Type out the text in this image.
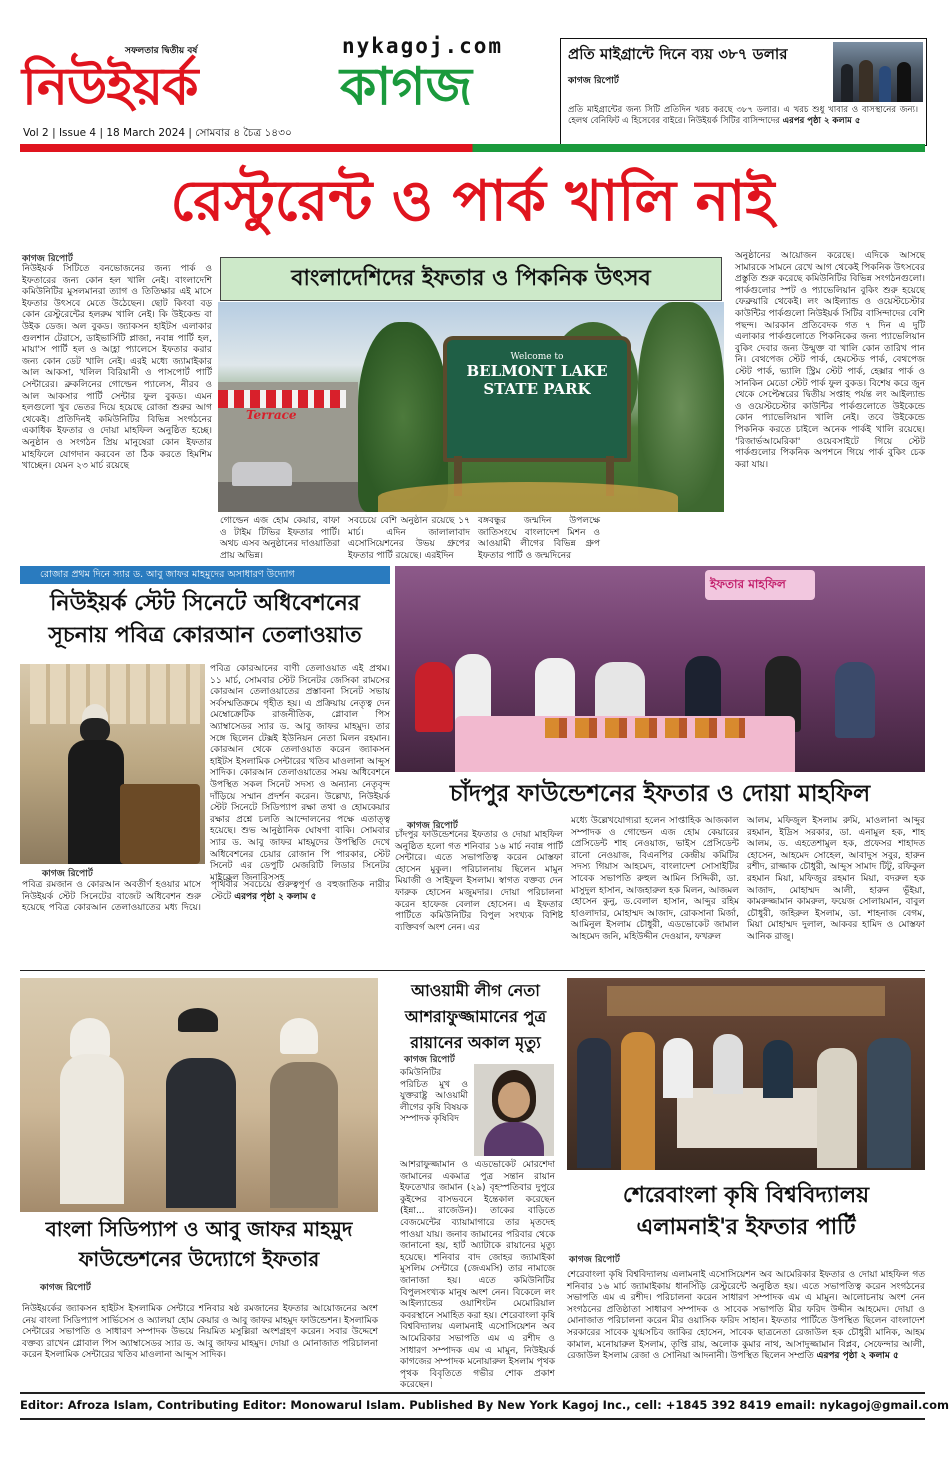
সফলতার দ্বিতীয় বর্ষ	nykagoj.com
নিউইয়র্ক	কাগজ
Vol 2 | Issue 4 | 18 March 2024 | সোমবার ৪ চৈত্র ১৪৩০
প্রতি মাইগ্রান্টে দিনে ব্যয় ৩৮৭ ডলার
কাগজ রিপোর্ট
প্রতি মাইগ্রান্টের জন্য সিটি প্রতিদিন খরচ করছে ৩৮৭ ডলার। এ খরচ শুধু খাবার ও বাসস্থানের জন্য। হেলথ বেনিফিট এ হিসেবের বাইরে। নিউইয়র্ক সিটির বাসিন্দাদের এরপর পৃষ্ঠা ২ কলাম ৫
রেস্টুরেন্ট ও পার্ক খালি নাই
কাগজ রিপোর্ট
নিউইয়র্ক সিটিতে বনভোজনের জন্য পার্ক ও ইফতারের জন্য কোন হল খালি নেই। বাংলাদেশি কমিউনিটির মুসলমানরা ত্যাগ ও তিতিক্ষার এই মাসে ইফতার উৎসবে মেতে উঠেছেন। ছোট কিংবা বড় কোন রেস্টুরেন্টের হলরুম খালি নেই। কি উইকেন্ড বা উইক ডেজ। অল বুকড। জ্যাকসন হাইটস এলাকার গুলশান টেরাসে, ডাইভার্সিটি প্লাজা, নবান্ন পার্টি হল, মায়া'স পার্টি হল ও আহ্লা প্যালেসে ইফতার করার জন্য কোন ডেট খালি নেই। এরই মধ্যে জ্যামাইকার আল আকসা, খলিল বিরিয়ানী ও পাসপোর্ট পার্টি সেন্টারের। ব্রুকলিনের গোল্ডেন প্যালেস, নীরব ও আল আকসার পার্টি সেন্টার ফুল বুকড। এমন হলগুলো খুব ভেতর দিয়ে হয়েছে রোজা শুরুর আগ থেকেই। প্রতিদিনই কমিউনিটির বিভিন্ন সংগঠনের একাধিক ইফতার ও দোয়া মাহফিল অনুষ্ঠিত হচ্ছে। অনুষ্ঠান ও সংগঠন প্রিয় মানুষেরা কোন ইফতার মাহফিলে যোগদান করবেন তা ঠিক করতে হিমশিম খাচ্ছেন। যেমন ২৩ মার্চ রয়েছে
বাংলাদেশিদের ইফতার ও পিকনিক উৎসব
Terrace
Welcome to
BELMONT LAKE
STATE PARK
গোল্ডেন এজ হোম কেয়ার, বাফা ও টাইম টিভির ইফতার পার্টি। অথচ এসব অনুষ্ঠানের দাওয়াতিরা প্রায় অভিন্ন।
সবচেয়ে বেশি অনুষ্ঠান রয়েছে ১৭ মার্চ। এদিন জালালাবাদ এসোসিয়েশনের উভয় গ্রুপের ইফতার পার্টি রয়েছে। এরইদিন
বঙ্গবন্ধুর জন্মদিন উপলক্ষে জাতিসংঘে বাংলাদেশ মিশন ও আওয়ামী লীগের বিভিন্ন গ্রুপ ইফতার পার্টি ও জন্মদিনের
অনুষ্ঠানের আয়োজন করেছে। এদিকে আসছে সামারকে সামনে রেখে আগ থেকেই পিকনিক উৎসবের প্রস্তুতি শুরু করেছে কমিউনিটির বিভিন্ন সংগঠনগুলো। পার্কগুলোর স্পট ও প্যাভেলিয়ান বুকিং শুরু হয়েছে ফেব্রুয়ারি থেকেই। লং আইল্যান্ড ও ওয়েস্টচেস্টার কাউন্টির পার্কগুলো নিউইয়র্ক সিটির বাসিন্দাদের বেশি পছন্দ। আরকান প্রতিবেদক গত ৭ দিন এ দুটি এলাকার পার্কগুলোতে পিকনিকের জন্য প্যাভেলিয়ান বুকিং দেবার জন্য উন্মুক্ত বা খালি কোন তারিখ পান নি। বেথপেজ স্টেট পার্ক, হেমস্টেড পার্ক, বেথপেজ স্টেট পার্ক, ভ্যালি স্ট্রিম স্টেট পার্ক, হেক্সার পার্ক ও সানকিন মেডো স্টেট পার্ক ফুল বুকড। বিশেষ করে জুন থেকে সেপ্টেম্বরের দ্বিতীয় সপ্তাহ পর্যন্ত লং আইল্যান্ড ও ওয়েস্টচেস্টার কাউন্টির পার্কগুলোতে উইকেন্ডে কোন প্যাভেলিয়ান খালি নেই। তবে উইকেন্ডে পিকনিক করতে চাইলে অনেক পার্কই খালি রয়েছে। 'রিজার্ভআমেরিকা' ওয়েবসাইটে গিয়ে স্টেট পার্কগুলোর পিকনিক অপশনে গিয়ে পার্ক বুকিং চেক করা যায়।
রোজার প্রথম দিনে স্যার ড. আবু জাফর মাহমুদের অসাধারণ উদ্যোগ
নিউইয়র্ক স্টেট সিনেটে অধিবেশনের
সূচনায় পবিত্র কোরআন তেলাওয়াত
পবিত্র কোরআনের বাণী তেলাওয়াত এই প্রথম। ১১ মার্চ, সোমবার স্টেট সিনেটর জেসিকা রামসের কোরআন তেলাওয়াতের প্রস্তাবনা সিনেট সভায় সর্বসম্মতিক্রমে গৃহীত হয়। এ প্রক্রিয়ায় নেতৃত্ব দেন মেম্বোক্রেটিক রাজনীতিক, গ্লোবাল পিস অ্যাম্বাসেডর স্যার ড. আবু জাফর মাহমুদ। তার সঙ্গে ছিলেন টেক্সই ইউনিয়ন নেতা মিলন রহমান। কোরআন থেকে তেলাওয়াত করেন জ্যাকসন হাইটস ইসলামিক সেন্টারের খতিব মাওলানা আব্দুস সাদিক। কোরআন তেলাওয়াতের সময় অধিবেশনে উপস্থিত সকল সিনেট সদস্য ও অন্যান্য নেতৃবৃন্দ দাঁড়িয়ে সম্মান প্রদর্শন করেন। উল্লেখ্য, নিউইয়র্ক স্টেট সিনেটে সিডিপ্যাপ রক্ষা তথা ও হোমকেয়ার রক্ষার প্রশ্নে চলতি আন্দোলনের পক্ষে এতাত্ত্ব হয়েছে। শুভ আনুষ্ঠানিক ঘোষণা বাকি। সোমবার স্যার ড. আবু জাফর মাহমুদের উপস্থিতি দেখে অধিবেশনের চেয়ার রোজান পি পারকার, স্টেট সিনেট এর ডেপুটি মেজরিটি লিডার সিনেটর মাইকেল জিনারিসসহ
কাগজ রিপোর্ট
পবিত্র রমজান ও কোরআন অবতীর্ণ হওয়ার মাসে নিউইয়র্ক স্টেট সিনেটের বাজেট অধিবেশন শুরু হয়েছে পবিত্র কোরআন তেলাওয়াতের মধ্য দিয়ে। পৃথিবীর সবচেয়ে গুরুত্বপূর্ণ ও বহুজাতিক নারীর স্টেটে এরপর পৃষ্ঠা ২ কলাম ৫
ইফতার মাহফিল
চাঁদপুর ফাউন্ডেশনের ইফতার ও দোয়া মাহফিল
কাগজ রিপোর্ট
চাঁদপুর ফাউন্ডেশনের ইফতার ও দোয়া মাহফিল অনুষ্ঠিত হলো গত শনিবার ১৬ মার্চ নবান্ন পার্টি সেন্টারে। এতে সভাপতিত্ব করেন মোস্তফা হোসেন মুকুল। পরিচালনায় ছিলেন মামুন মিয়াজী ও সাইফুল ইসলাম। স্বাগত বক্তব্য দেন ফারুক হোসেন মজুমদার। দোয়া পরিচালনা করেন হাফেজ বেলাল হোসেন। এ ইফতার পার্টিতে কমিউনিটির বিপুল সংখ্যক বিশিষ্ট ব্যক্তিবর্গ অংশ নেন। এর
মধ্যে উল্লেখযোগ্যরা হলেন সাপ্তাহিক আজকাল সম্পাদক ও গোল্ডেন এজ হোম কেয়ারের প্রেসিডেন্ট শাহ নেওয়াজ, ভাইস প্রেসিডেন্ট রানো নেওয়াজ, বিএনপির কেন্দ্রীয় কমিটির সদস্য গিয়াস আহমেদ, বাংলাদেশ সোসাইটির সাবেক সভাপতি রুহুল আমিন সিদ্দিকী, ডা. মাসুদুল হাসান, আজহারুল হক মিলন, আজমল হোসেন কুনু, ড.বেলাল হাসান, আব্দুর রহিম হাওলাদার, মোহাম্মদ আজাদ, রোকসানা মির্জা, আমিনুল ইসলাম চৌধুরী, এডভোকেট জামাল আহমেদ জনি, মহিউদ্দীন দেওয়ান, ফখরুল
আলম, মফিজুল ইসলাম রুমি, মাওলানা আব্দুর রহমান, ইদ্রিস সরকার, ডা. এনামুল হক, শাহ আলম, ড. এহতেশামুল হক, প্রফেসর শাহাদত হোসেন, আহমেদ সোহেল, আবাদুস সবুর, হারুন রশীদ, রাজ্জাক চৌধুরী, আব্দুস সামাদ টিটু, রফিকুল রহমান মিয়া, মফিজুর রহমান মিয়া, বদরুল হক আজাদ, মোহাম্মদ আলী, হারুন ভূঁইয়া, কামরুজ্জামান কামরুল, ফয়েজ সোলায়মান, বাবুল চৌধুরী, জহিরুল ইসলাম, ডা. শাহনাজ বেগম, মিয়া মোহাম্মদ দুলাল, আকবর হামিদ ও মোস্তফা আনিক রাজু।
বাংলা সিডিপ্যাপ ও আবু জাফর মাহমুদ
ফাউন্ডেশনের উদ্যোগে ইফতার
কাগজ রিপোর্ট
নিউইয়র্কের জ্যাকসন হাইটস ইসলামিক সেন্টারে শনিবার ষষ্ঠ রমজানের ইফতার আয়োজনের অংশ নেয় বাংলা সিডিপ্যাপ সার্ভিসেস ও অ্যালয়া হোম কেয়ার ও আবু জাফর মাহমুদ ফাউন্ডেশন। ইসলামিক সেন্টারের সভাপতি ও সাধারণ সম্পাদক উভয়ে নিয়মিত মসুল্লিরা অংশগ্রহণ করেন। সবার উদ্দেশে বক্তব্য রাখেন গ্লোবাল পিস অ্যাম্বাসেডর স্যার ড. আবু জাফর মাহমুদ। দোয়া ও মোনাজাত পরিচালনা করেন ইসলামিক সেন্টারের খতিব মাওলানা আব্দুস সাদিক।
আওয়ামী লীগ নেতা আশরাফুজ্জামানের পুত্র রায়ানের অকাল মৃত্যু
কাগজ রিপোর্ট
কমিউনিটির পরিচিত মুখ ও যুক্তরাষ্ট্র আওয়ামী লীগের কৃষি বিষয়ক সম্পাদক কৃষিবিদ
আশরাফুজ্জামান ও এডভোকেট মোরশেদা জামানের একমাত্র পুত্র সন্তান রায়ান ইফতেখার জামান (২৯) বৃহস্পতিবার দুপুরে কুইন্সের বাসভবনে ইন্তেকাল করেছেন (ইন্না... রাজেউন)। তাকের বাড়িতে বেজমেন্টের ব্যায়ামাগারে তার মৃতদেহ পাওয়া যায়। জনাব জামানের পরিবার থেকে জানানো হয়, হার্ট অ্যাটাকে রায়ানের মৃত্যু হয়েছে। শনিবার বাদ জোহর জ্যামাইকা মুসলিম সেন্টারে (জেএমসি) তার নামাজে জানাজা হয়। এতে কমিউনিটির বিপুলসংখ্যক মানুষ অংশ নেন। বিকেলে লং আইল্যান্ডের ওয়াশিংটন মেমোরিয়াল কবরস্থানে সমাহিত করা হয়। শেরেবাংলা কৃষি বিশ্ববিদ্যালয় এলামনাই এসোসিয়েশন অব আমেরিকার সভাপতি এম এ রশীদ ও সাধারণ সম্পাদক এম এ মামুন, নিউইয়র্ক কাগজের সম্পাদক মনোয়ারুল ইসলাম পৃথক পৃথক বিবৃতিতে গভীর শোক প্রকাশ করেছেন।
শেরেবাংলা কৃষি বিশ্ববিদ্যালয়
এলামনাই'র ইফতার পার্টি
কাগজ রিপোর্ট
শেরেবাংলা কৃষি বিশ্ববিদ্যালয় এলামনাই এসোসিয়েশন অব আমেরিকার ইফতার ও দোয়া মাহফিল গত শনিবার ১৬ মার্চ জ্যামাইকায় ধানসিঁড়ি রেস্টুরেন্টে অনুষ্ঠিত হয়। এতে সভাপতিত্ব করেন সংগঠনের সভাপতি এম এ রশীদ। পরিচালনা করেন সাধারণ সম্পাদক এম এ মামুন। আলোচনায় অংশ নেন সংগঠনের প্রতিষ্ঠাতা সাধারণ সম্পাদক ও সাবেক সভাপতি মীর ফরিদ উদ্দীন আহমেদ। দোয়া ও মোনাজাত পরিচালনা করেন মীর ওয়াসিক ফরিদ সাহান। ইফতার পার্টিতে উপস্থিত ছিলেন বাংলাদেশ সরকারের সাবেক যুগ্মসচিব জাকির হোসেন, সাবেক ছাত্রনেতা রেজাউল হক চৌধুরী মানিক, আহম কামাল, মনোয়ারুল ইসলাম, তৃপ্তি রায়, অলোক কুমার নাথ, আসাদুজ্জামান বিপ্লব, সেফেন্দার আলী, রেজাউল ইসলাম রেজা ও সোনিয়া আদনানী। উপস্থিত ছিলেন সম্প্রতি এরপর পৃষ্ঠা ২ কলাম ৫
Editor: Afroza Islam, Contributing Editor: Monowarul Islam. Published By New York Kagoj Inc., cell: +1845 392 8419 email: nykagoj@gmail.com
